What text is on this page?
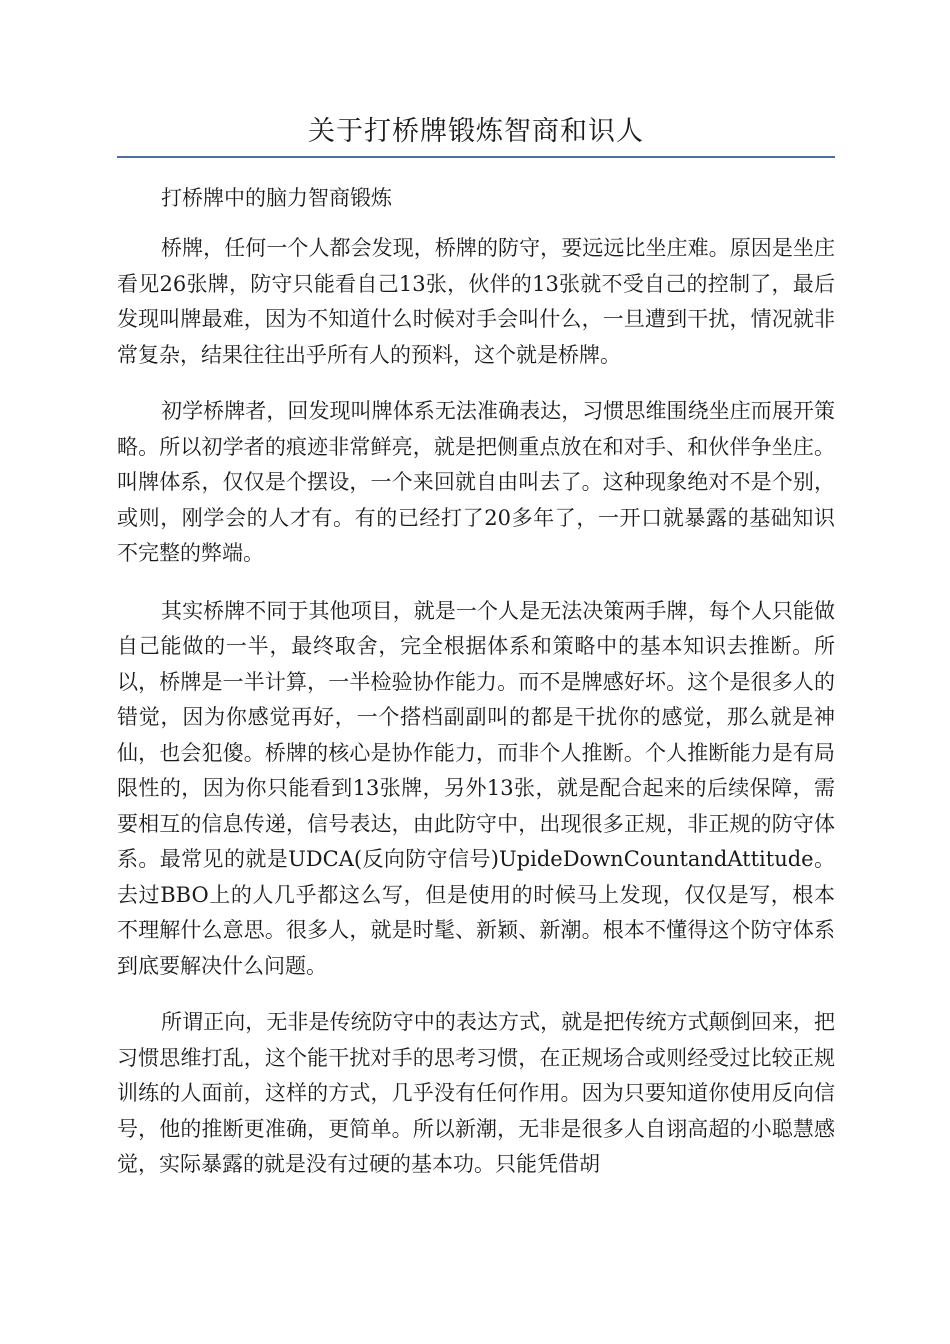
关于打桥牌锻炼智商和识人

打桥牌中的脑力智商锻炼

桥牌，任何一个人都会发现，桥牌的防守，要远远比坐庄难。原因是坐庄看见26张牌，防守只能看自己13张，伙伴的13张就不受自己的控制了，最后发现叫牌最难，因为不知道什么时候对手会叫什么，一旦遭到干扰，情况就非常复杂，结果往往出乎所有人的预料，这个就是桥牌。

初学桥牌者，回发现叫牌体系无法准确表达，习惯思维围绕坐庄而展开策略。所以初学者的痕迹非常鲜亮，就是把侧重点放在和对手、和伙伴争坐庄。叫牌体系，仅仅是个摆设，一个来回就自由叫去了。这种现象绝对不是个别，或则，刚学会的人才有。有的已经打了20多年了，一开口就暴露的基础知识不完整的弊端。

其实桥牌不同于其他项目，就是一个人是无法决策两手牌，每个人只能做自己能做的一半，最终取舍，完全根据体系和策略中的基本知识去推断。所以，桥牌是一半计算，一半检验协作能力。而不是牌感好坏。这个是很多人的错觉，因为你感觉再好，一个搭档副副叫的都是干扰你的感觉，那么就是神仙，也会犯傻。桥牌的核心是协作能力，而非个人推断。个人推断能力是有局限性的，因为你只能看到13张牌，另外13张，就是配合起来的后续保障，需要相互的信息传递，信号表达，由此防守中，出现很多正规，非正规的防守体系。最常见的就是UDCA(反向防守信号)UpideDownCountandAttitude。去过BBO上的人几乎都这么写，但是使用的时候马上发现，仅仅是写，根本不理解什么意思。很多人，就是时髦、新颖、新潮。根本不懂得这个防守体系到底要解决什么问题。

所谓正向，无非是传统防守中的表达方式，就是把传统方式颠倒回来，把习惯思维打乱，这个能干扰对手的思考习惯，在正规场合或则经受过比较正规训练的人面前，这样的方式，几乎没有任何作用。因为只要知道你使用反向信号，他的推断更准确，更简单。所以新潮，无非是很多人自诩高超的小聪慧感觉，实际暴露的就是没有过硬的基本功。只能凭借胡
